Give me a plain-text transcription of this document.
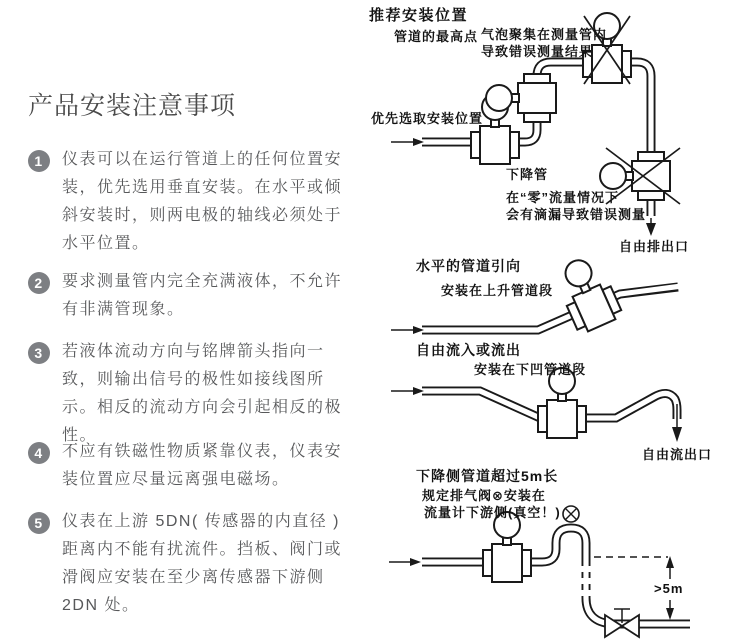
产品安装注意事项
1	仪表可以在运行管道上的任何位置安装，优先选用垂直安装。在水平或倾斜安装时，则两电极的轴线必须处于水平位置。
2	要求测量管内完全充满液体，不允许有非满管现象。
3	若液体流动方向与铭牌箭头指向一致，则输出信号的极性如接线图所示。相反的流动方向会引起相反的极性。
4	不应有铁磁性物质紧靠仪表，仪表安装位置应尽量远离强电磁场。
5	仪表在上游 5DN( 传感器的内直径 ) 距离内不能有扰流件。挡板、阀门或滑阀应安装在至少离传感器下游侧 2DN 处。
推荐安装位置
管道的最高点 气泡聚集在测量管内
导致错误测量结果
优先选取安装位置
下降管
在“零”流量情况下
会有滴漏导致错误测量
自由排出口
水平的管道引向
安装在上升管道段
自由流入或流出
安装在下凹管道段
自由流出口
下降侧管道超过5m长
规定排气阀⊗安装在
流量计下游侧(真空！)
>5m
